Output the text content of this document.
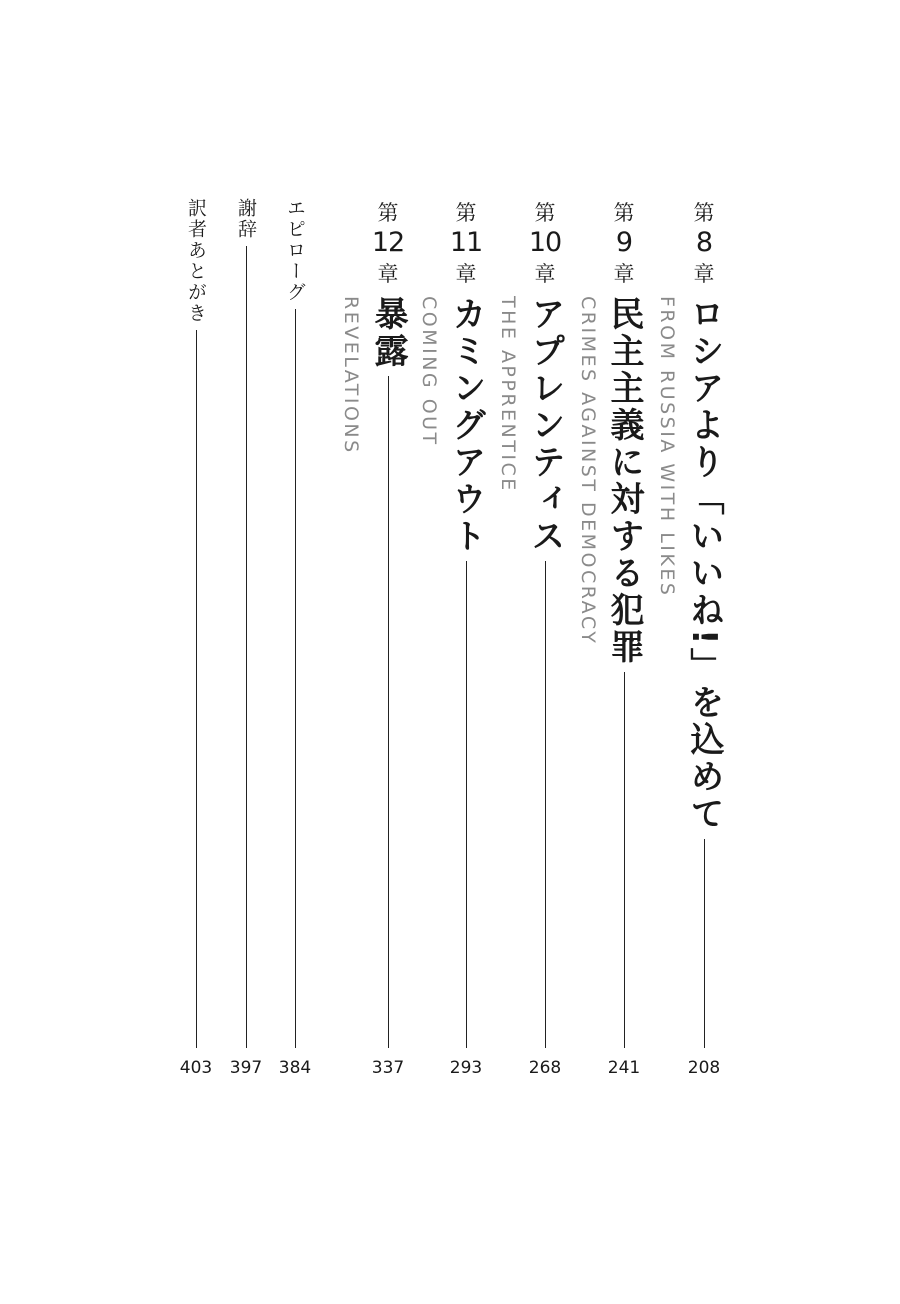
第
8
章
ロシアより「いいね!」を込めて
208
FROM RUSSIA WITH LIKES
第
9
章
民主主義に対する犯罪
241
CRIMES AGAINST DEMOCRACY
第
10
章
アプレンティス
268
THE APPRENTICE
第
11
章
カミングアウト
293
COMING OUT
第
12
章
暴露
337
REVELATIONS
エピローグ
384
謝辞
397
訳者あとがき
403
